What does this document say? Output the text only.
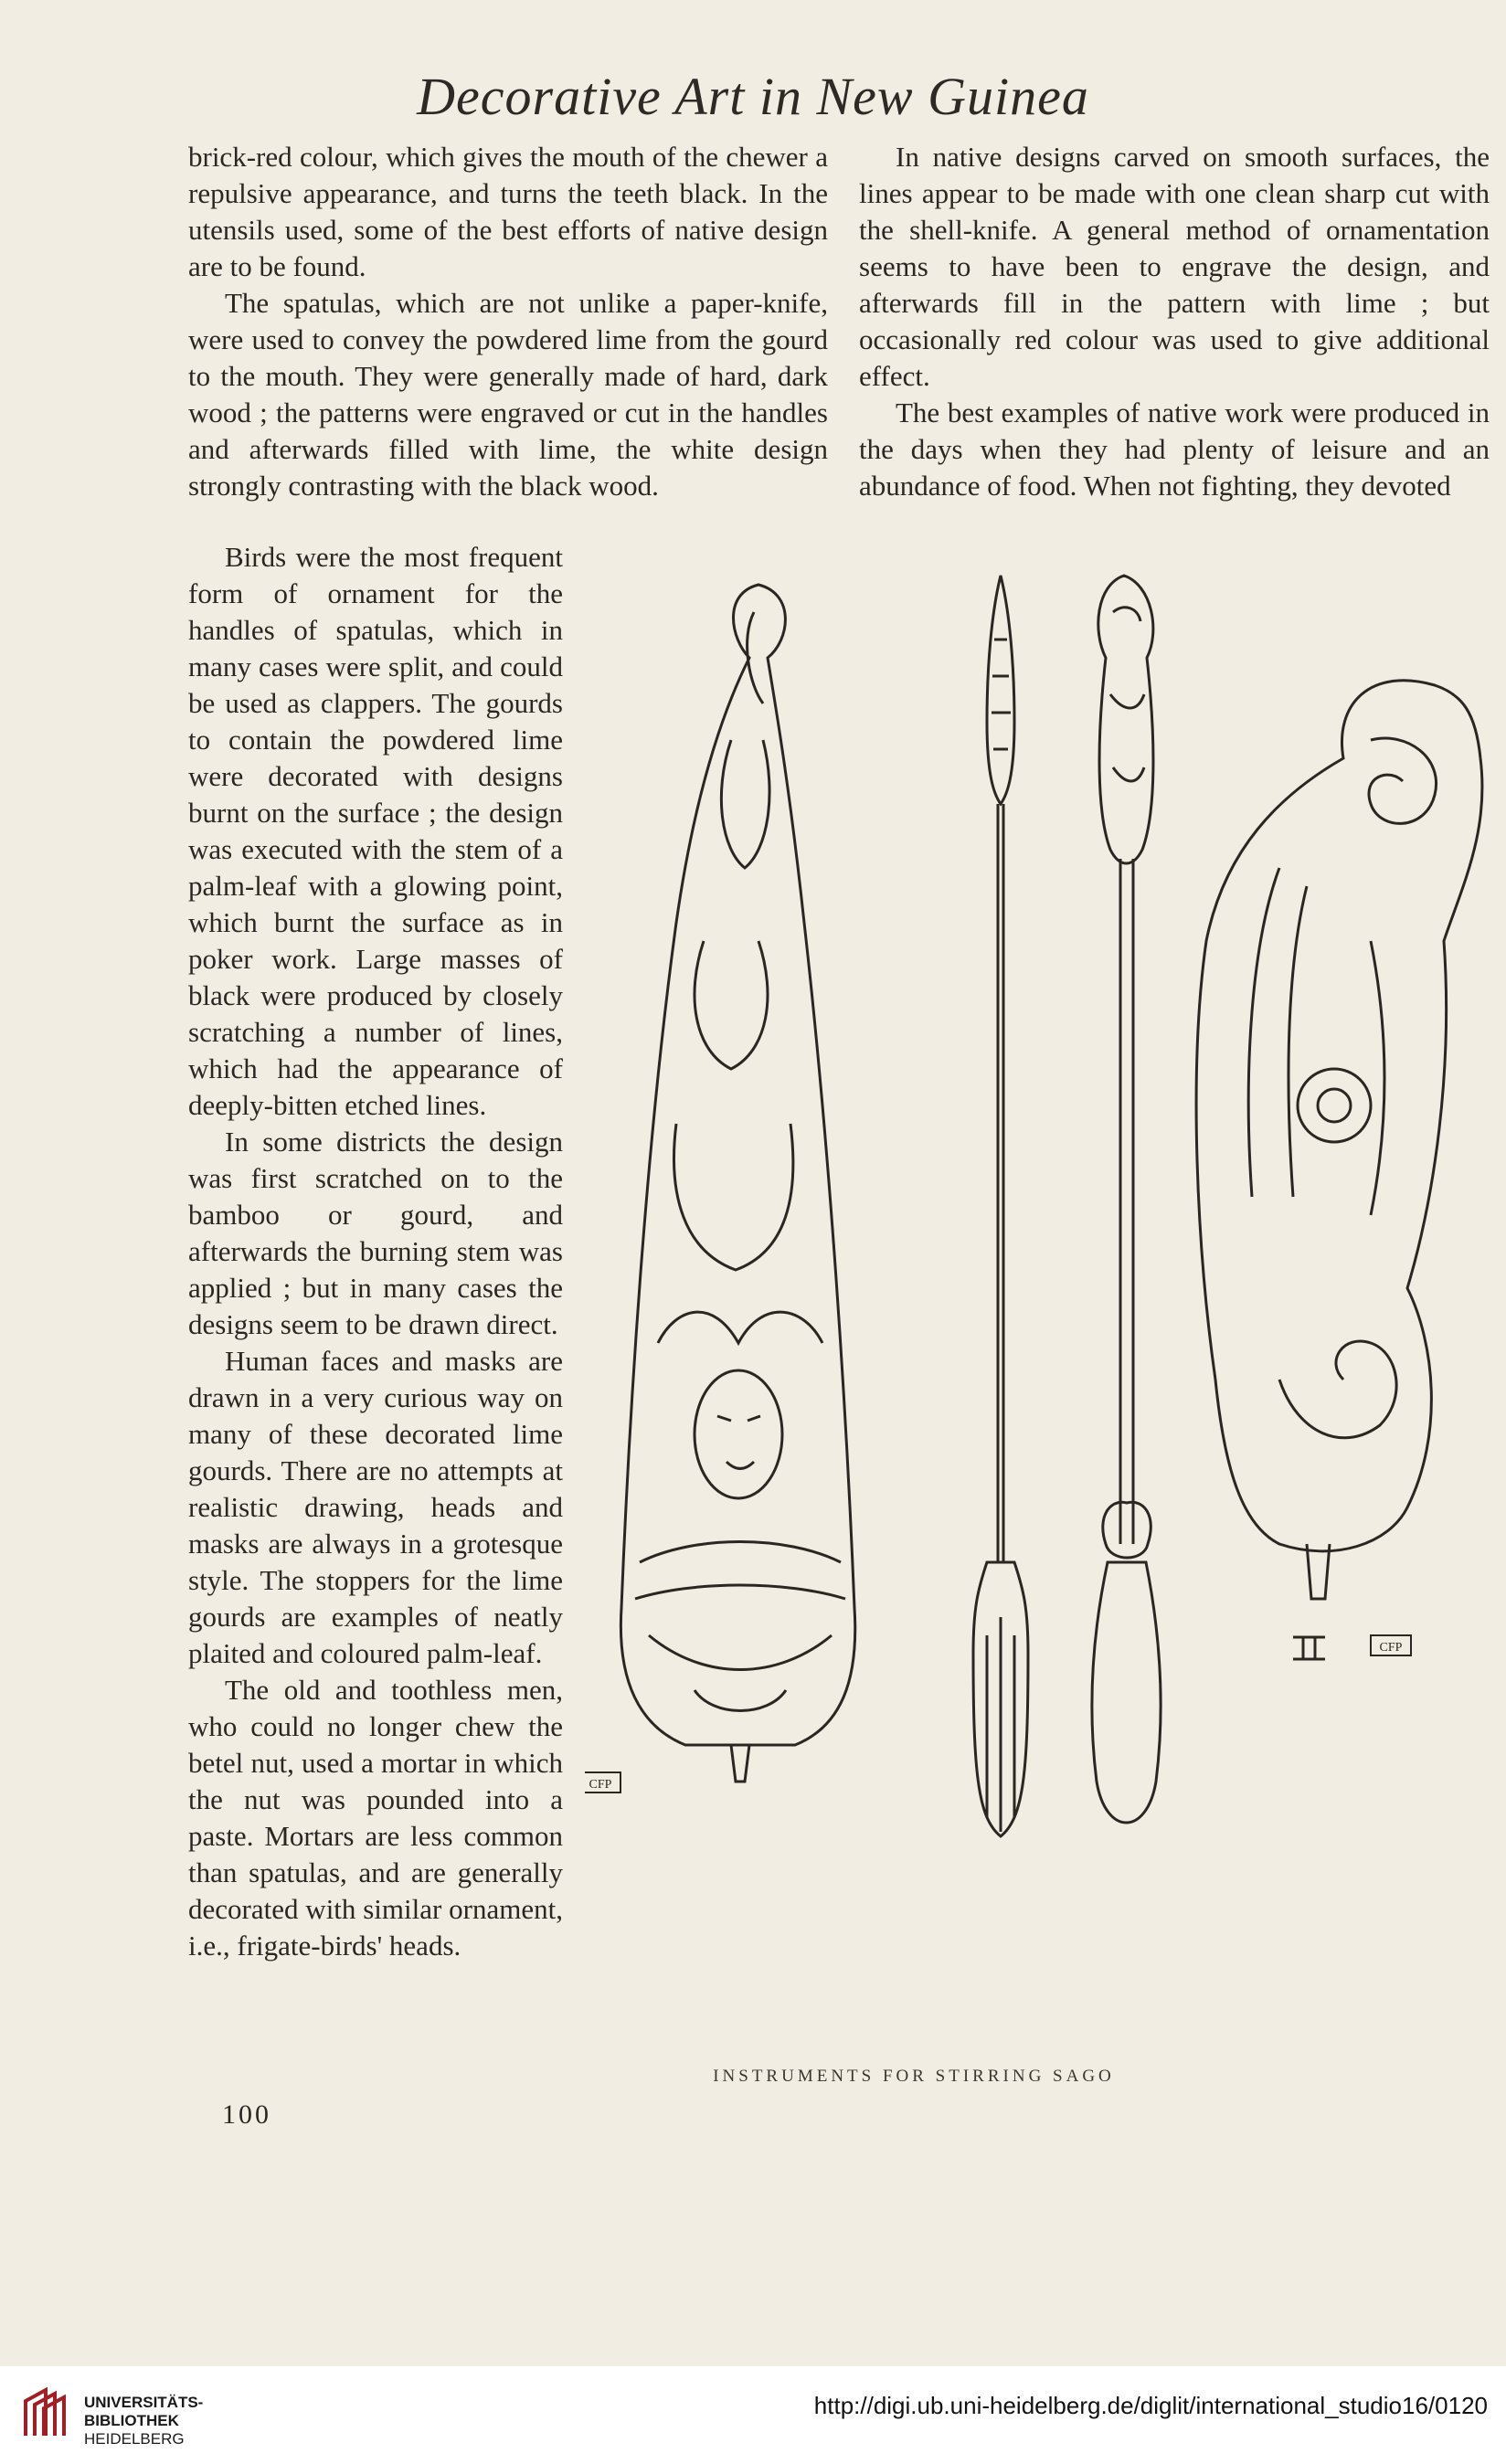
Decorative Art in New Guinea

brick-red colour, which gives the mouth of the chewer a repulsive appearance, and turns the teeth black. In the utensils used, some of the best efforts of native design are to be found.

The spatulas, which are not unlike a paper-knife, were used to convey the powdered lime from the gourd to the mouth. They were generally made of hard, dark wood ; the patterns were engraved or cut in the handles and afterwards filled with lime, the white design strongly contrasting with the black wood.

Birds were the most frequent form of ornament for the handles of spatulas, which in many cases were split, and could be used as clappers. The gourds to contain the powdered lime were decorated with designs burnt on the surface ; the design was executed with the stem of a palm-leaf with a glowing point, which burnt the surface as in poker work. Large masses of black were produced by closely scratching a number of lines, which had the appearance of deeply-bitten etched lines.

In some districts the design was first scratched on to the bamboo or gourd, and afterwards the burning stem was applied ; but in many cases the designs seem to be drawn direct.

Human faces and masks are drawn in a very curious way on many of these decorated lime gourds. There are no attempts at realistic drawing, heads and masks are always in a grotesque style. The stoppers for the lime gourds are examples of neatly plaited and coloured palm-leaf.

The old and toothless men, who could no longer chew the betel nut, used a mortar in which the nut was pounded into a paste. Mortars are less common than spatulas, and are generally decorated with similar ornament, i.e., frigate-birds' heads.

In native designs carved on smooth surfaces, the lines appear to be made with one clean sharp cut with the shell-knife. A general method of ornamentation seems to have been to engrave the design, and afterwards fill in the pattern with lime ; but occasionally red colour was used to give additional effect.

The best examples of native work were produced in the days when they had plenty of leisure and an abundance of food. When not fighting, they devoted

CFP
CFP
INSTRUMENTS FOR STIRRING SAGO
100
UNIVERSITÄTS-
BIBLIOTHEK
HEIDELBERG
http://digi.ub.uni-heidelberg.de/diglit/international_studio16/0120
